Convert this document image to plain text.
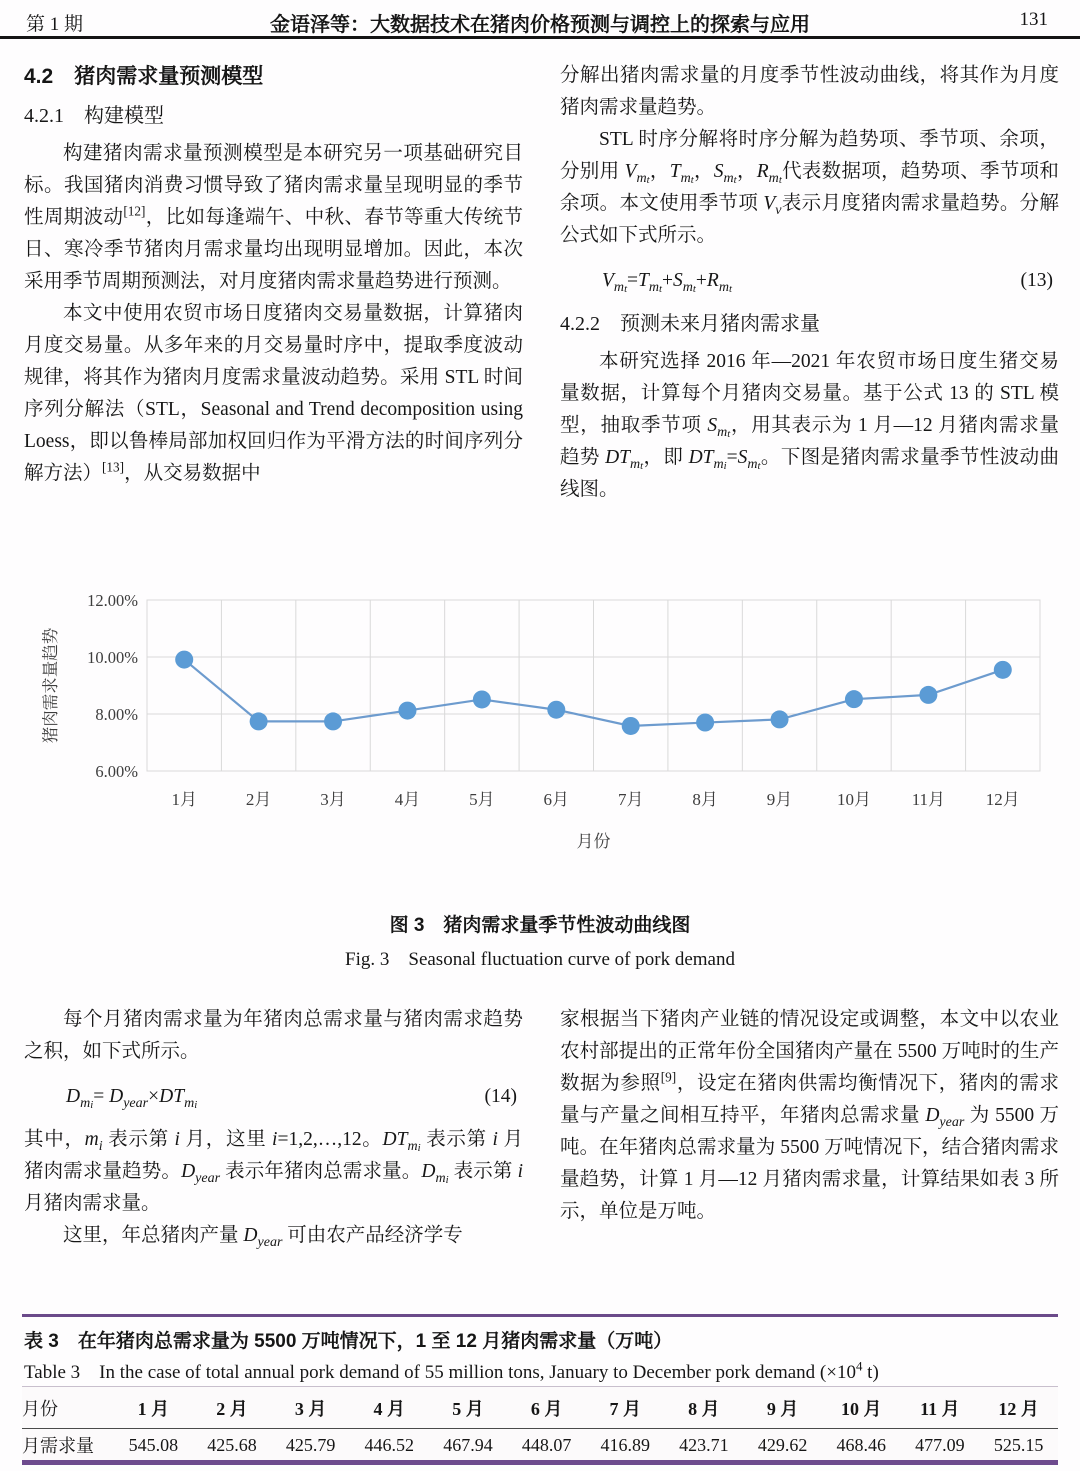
第 1 期	金语泽等：大数据技术在猪肉价格预测与调控上的探索与应用	131
4.2　猪肉需求量预测模型
4.2.1　构建模型

构建猪肉需求量预测模型是本研究另一项基础研究目标。我国猪肉消费习惯导致了猪肉需求量呈现明显的季节性周期波动[12]，比如每逢端午、中秋、春节等重大传统节日、寒冷季节猪肉月需求量均出现明显增加。因此，本次采用季节周期预测法，对月度猪肉需求量趋势进行预测。

本文中使用农贸市场日度猪肉交易量数据，计算猪肉月度交易量。从多年来的月交易量时序中，提取季度波动规律，将其作为猪肉月度需求量波动趋势。采用 STL 时间序列分解法（STL，Seasonal and Trend decomposition using Loess，即以鲁棒局部加权回归作为平滑方法的时间序列分解方法）[13]，从交易数据中

分解出猪肉需求量的月度季节性波动曲线，将其作为月度猪肉需求量趋势。

STL 时序分解将时序分解为趋势项、季节项、余项，分别用 $V_{mt}$，$T_{mt}$，$S_{mt}$，$R_{mt}$代表数据项，趋势项、季节项和余项。本文使用季节项 $V_v$表示月度猪肉需求量趋势。分解公式如下式所示。

$V_{mt}=T_{mt}+S_{mt}+R_{mt}$	(13)
4.2.2　预测未来月猪肉需求量

本研究选择 2016 年—2021 年农贸市场日度生猪交易量数据，计算每个月猪肉交易量。基于公式 13 的 STL 模型，抽取季节项 $S_{mt}$，用其表示为 1 月—12 月猪肉需求量趋势 $DT_{mt}$，即 $DT_{mi}=S_{mt}$。下图是猪肉需求量季节性波动曲线图。

6.00%
8.00%
10.00%
12.00%
1月	2月	3月	4月	5月	6月	7月	8月	9月	10月 11月 12月
月份
猪肉需求量趋势
图 3　猪肉需求量季节性波动曲线图
Fig. 3　Seasonal fluctuation curve of pork demand

每个月猪肉需求量为年猪肉总需求量与猪肉需求趋势之积，如下式所示。

$D_{mi}= D_{year}\times DT_{mi}$	(14)

其中，$m_i$ 表示第 i 月，这里 i=1,2,…,12。$DT_{mi}$ 表示第 i 月猪肉需求量趋势。$D_{year}$ 表示年猪肉总需求量。$D_{mi}$ 表示第 i 月猪肉需求量。

这里，年总猪肉产量 $D_{year}$ 可由农产品经济学专

家根据当下猪肉产业链的情况设定或调整，本文中以农业农村部提出的正常年份全国猪肉产量在 5500 万吨时的生产数据为参照[9]，设定在猪肉供需均衡情况下，猪肉的需求量与产量之间相互持平，年猪肉总需求量 $D_{year}$ 为 5500 万吨。在年猪肉总需求量为 5500 万吨情况下，结合猪肉需求量趋势，计算 1 月—12 月猪肉需求量，计算结果如表 3 所示，单位是万吨。

表 3　在年猪肉总需求量为 5500 万吨情况下，1 至 12 月猪肉需求量（万吨）
Table 3　In the case of total annual pork demand of 55 million tons, January to December pork demand ($\times 10^4$ t)
月份	1 月	2 月	3 月	4 月	5 月	6 月	7 月	8 月	9 月	10 月	11 月	12 月
月需求量	545.08	425.68	425.79	446.52	467.94	448.07	416.89	423.71	429.62	468.46	477.09	525.15
